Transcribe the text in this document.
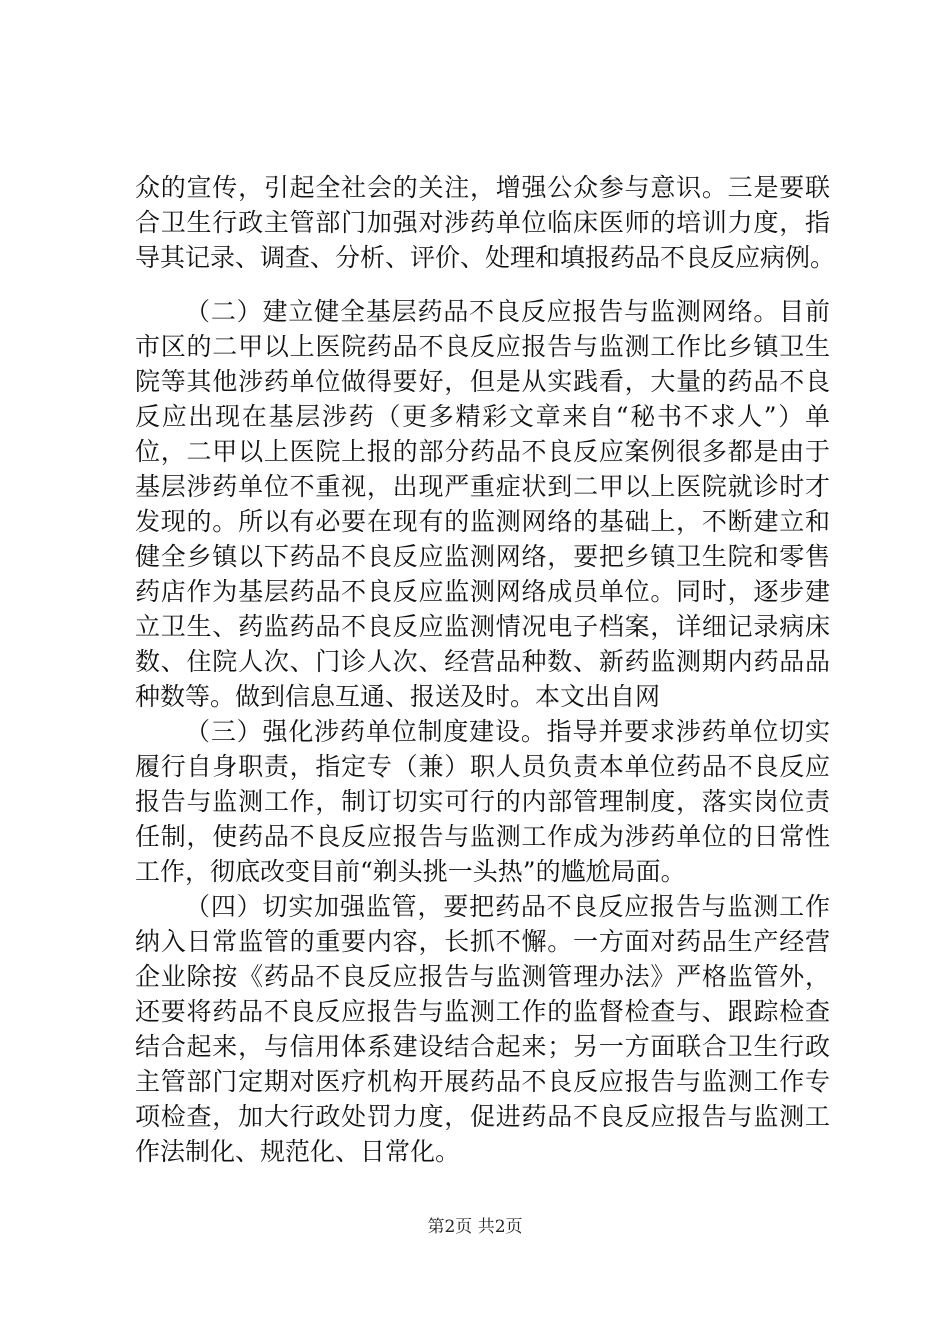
众的宣传，引起全社会的关注，增强公众参与意识。三是要联
合卫生行政主管部门加强对涉药单位临床医师的培训力度，指
导其记录、调查、分析、评价、处理和填报药品不良反应病例。
（二）建立健全基层药品不良反应报告与监测网络。目前
市区的二甲以上医院药品不良反应报告与监测工作比乡镇卫生
院等其他涉药单位做得要好，但是从实践看，大量的药品不良
反应出现在基层涉药（更多精彩文章来自“秘书不求人”）单
位，二甲以上医院上报的部分药品不良反应案例很多都是由于
基层涉药单位不重视，出现严重症状到二甲以上医院就诊时才
发现的。所以有必要在现有的监测网络的基础上，不断建立和
健全乡镇以下药品不良反应监测网络，要把乡镇卫生院和零售
药店作为基层药品不良反应监测网络成员单位。同时，逐步建
立卫生、药监药品不良反应监测情况电子档案，详细记录病床
数、住院人次、门诊人次、经营品种数、新药监测期内药品品
种数等。做到信息互通、报送及时。本文出自网
（三）强化涉药单位制度建设。指导并要求涉药单位切实
履行自身职责，指定专（兼）职人员负责本单位药品不良反应
报告与监测工作，制订切实可行的内部管理制度，落实岗位责
任制，使药品不良反应报告与监测工作成为涉药单位的日常性
工作，彻底改变目前“剃头挑一头热”的尴尬局面。
（四）切实加强监管，要把药品不良反应报告与监测工作
纳入日常监管的重要内容，长抓不懈。一方面对药品生产经营
企业除按《药品不良反应报告与监测管理办法》严格监管外，
还要将药品不良反应报告与监测工作的监督检查与、跟踪检查
结合起来，与信用体系建设结合起来；另一方面联合卫生行政
主管部门定期对医疗机构开展药品不良反应报告与监测工作专
项检查，加大行政处罚力度，促进药品不良反应报告与监测工
作法制化、规范化、日常化。
第2页 共2页
